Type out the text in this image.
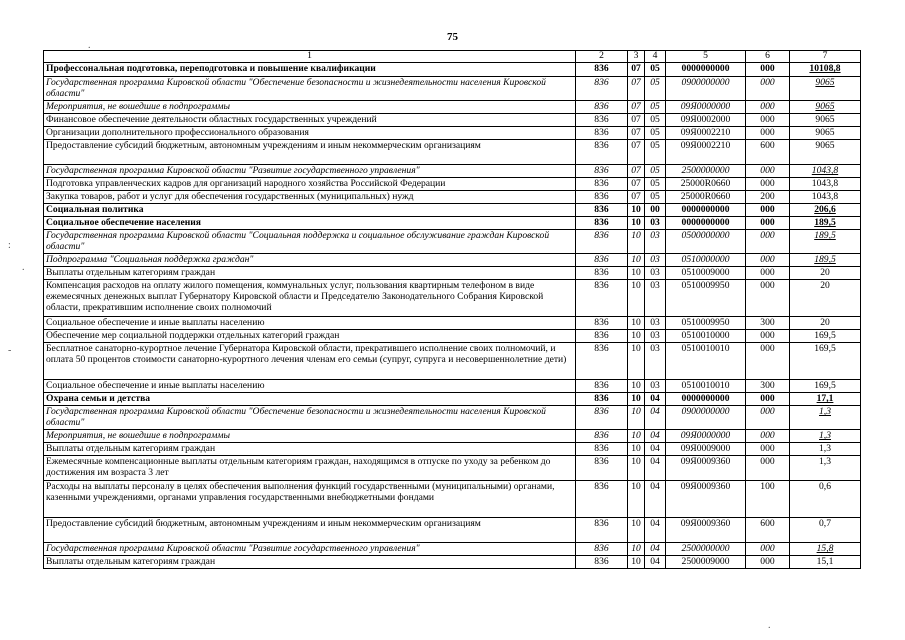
75
1	2	3	4	5	6	7
Профессональная подготовка, переподготовка и повышение квалификации	836	07	05	0000000000	000	10108,8
Государственная программа Кировской области "Обеспечение безопасности и жизнедеятельности населения Кировской области"	836	07	05	0900000000	000	9065
Мероприятия, не вошедшие в подпрограммы	836	07	05	09Я0000000	000	9065
Финансовое обеспечение деятельности областных государственных учреждений	836	07	05	09Я0002000	000	9065
Организации дополнительного профессионального образования	836	07	05	09Я0002210	000	9065
Предоставление субсидий бюджетным, автономным учреждениям и иным некоммерческим организациям	836	07	05	09Я0002210	600	9065
Государственная программа Кировской области "Развитие государственного управления"	836	07	05	2500000000	000	1043,8
Подготовка управленческих кадров для организаций народного хозяйства Российской Федерации	836	07	05	25000R0660	000	1043,8
Закупка товаров, работ и услуг для обеспечения государственных (муниципальных) нужд	836	07	05	25000R0660	200	1043,8
Социальная политика	836	10	00	0000000000	000	206,6
Социальное обеспечение населения	836	10	03	0000000000	000	189,5
Государственная программа Кировской области "Социальная поддержка и социальное обслуживание граждан Кировской области"	836	10	03	0500000000	000	189,5
Подпрограмма "Социальная поддержка граждан"	836	10	03	0510000000	000	189,5
Выплаты отдельным категориям граждан	836	10	03	0510009000	000	20
Компенсация расходов на оплату жилого помещения, коммунальных услуг, пользования квартирным телефоном в виде ежемесячных денежных выплат Губернатору Кировской области и Председателю Законодательного Собрания Кировской области, прекратившим исполнение своих полномочий	836	10	03	0510009950	000	20
Социальное обеспечение и иные выплаты населению	836	10	03	0510009950	300	20
Обеспечение мер социальной поддержки отдельных категорий граждан	836	10	03	0510010000	000	169,5
Бесплатное санаторно-курортное лечение Губернатора Кировской области, прекратившего исполнение своих полномочий, и оплата 50 процентов стоимости санаторно-курортного лечения членам его семьи (супруг, супруга и несовершеннолетние дети)	836	10	03	0510010010	000	169,5
Социальное обеспечение и иные выплаты населению	836	10	03	0510010010	300	169,5
Охрана семьи и детства	836	10	04	0000000000	000	17,1
Государственная программа Кировской области "Обеспечение безопасности и жизнедеятельности населения Кировской области"	836	10	04	0900000000	000	1,3
Мероприятия, не вошедшие в подпрограммы	836	10	04	09Я0000000	000	1,3
Выплаты отдельным категориям граждан	836	10	04	09Я0009000	000	1,3
Ежемесячные компенсационные выплаты отдельным категориям граждан, находящимся в отпуске по уходу за ребенком до достижения им возраста 3 лет	836	10	04	09Я0009360	000	1,3
Расходы на выплаты персоналу в целях обеспечения выполнения функций государственными (муниципальными) органами, казенными учреждениями, органами управления государственными внебюджетными фондами	836	10	04	09Я0009360	100	0,6
Предоставление субсидий бюджетным, автономным учреждениям и иным некоммерческим организациям	836	10	04	09Я0009360	600	0,7
Государственная программа Кировской области "Развитие государственного управления"	836	10	04	2500000000	000	15,8
Выплаты отдельным категориям граждан	836	10	04	2500009000	000	15,1
.
:
.
-
.
